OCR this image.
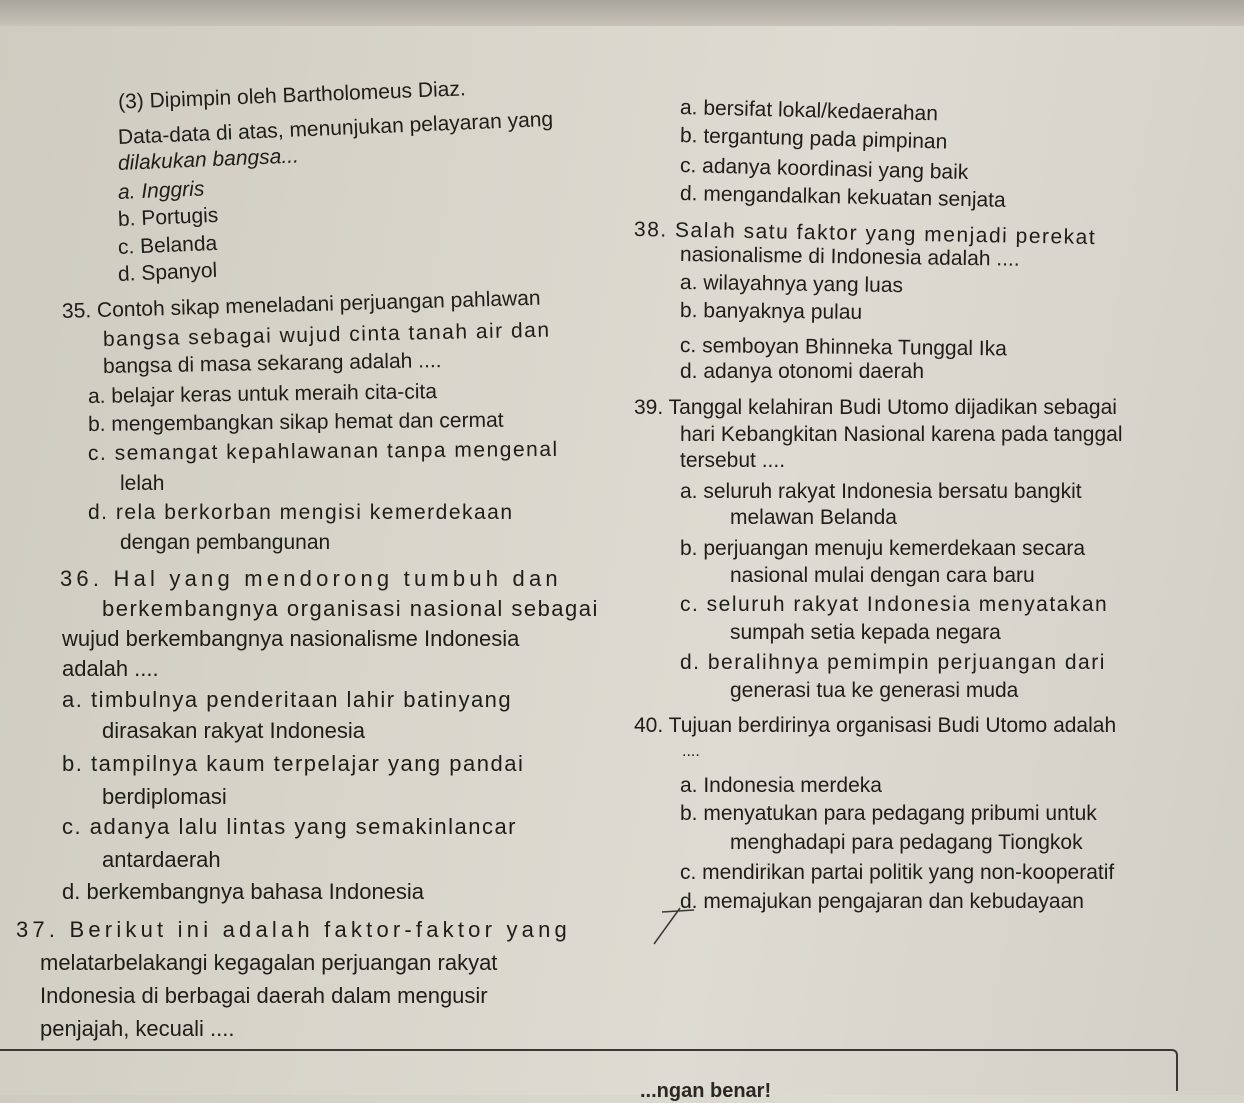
(3) Dipimpin oleh Bartholomeus Diaz.
Data-data di atas, menunjukan pelayaran yang
dilakukan bangsa...
a. Inggris
b. Portugis
c. Belanda
d. Spanyol
35. Contoh sikap meneladani perjuangan pahlawan
bangsa sebagai wujud cinta tanah air dan
bangsa di masa sekarang adalah ....
a. belajar keras untuk meraih cita-cita
b. mengembangkan sikap hemat dan cermat
c. semangat kepahlawanan tanpa mengenal
lelah
d. rela berkorban mengisi kemerdekaan
dengan pembangunan
36. Hal yang mendorong tumbuh dan
berkembangnya organisasi nasional sebagai
wujud berkembangnya nasionalisme Indonesia
adalah ....
a. timbulnya penderitaan lahir batinyang
dirasakan rakyat Indonesia
b. tampilnya kaum terpelajar yang pandai
berdiplomasi
c. adanya lalu lintas yang semakinlancar
antardaerah
d. berkembangnya bahasa Indonesia
37. Berikut ini adalah faktor-faktor yang
melatarbelakangi kegagalan perjuangan rakyat
Indonesia di berbagai daerah dalam mengusir
penjajah, kecuali ....
a. bersifat lokal/kedaerahan
b. tergantung pada pimpinan
c. adanya koordinasi yang baik
d. mengandalkan kekuatan senjata
38. Salah satu faktor yang menjadi perekat
nasionalisme di Indonesia adalah ....
a. wilayahnya yang luas
b. banyaknya pulau
c. semboyan Bhinneka Tunggal Ika
d. adanya otonomi daerah
39. Tanggal kelahiran Budi Utomo dijadikan sebagai
hari Kebangkitan Nasional karena pada tanggal
tersebut ....
a. seluruh rakyat Indonesia bersatu bangkit
melawan Belanda
b. perjuangan menuju kemerdekaan secara
nasional mulai dengan cara baru
c. seluruh rakyat Indonesia menyatakan
sumpah setia kepada negara
d. beralihnya pemimpin perjuangan dari
generasi tua ke generasi muda
40. Tujuan berdirinya organisasi Budi Utomo adalah
....
a. Indonesia merdeka
b. menyatukan para pedagang pribumi untuk
menghadapi para pedagang Tiongkok
c. mendirikan partai politik yang non-kooperatif
d. memajukan pengajaran dan kebudayaan
...ngan benar!
